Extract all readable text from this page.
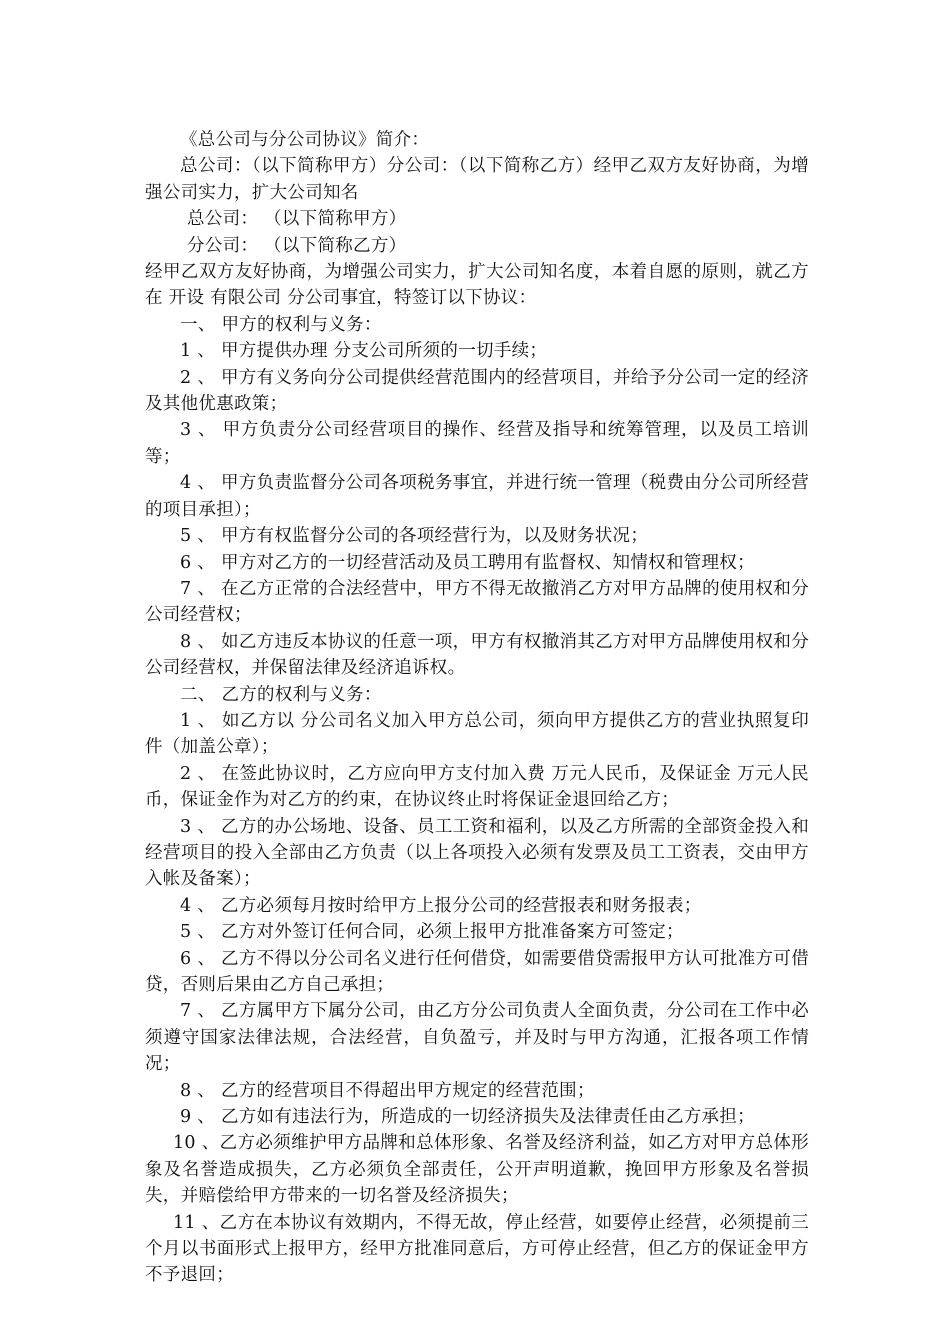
《总公司与分公司协议》简介：

总公司：（以下简称甲方）分公司：（以下简称乙方）经甲乙双方友好协商，为增强公司实力，扩大公司知名

总公司： （以下简称甲方）

分公司： （以下简称乙方）

经甲乙双方友好协商，为增强公司实力，扩大公司知名度，本着自愿的原则，就乙方在 开设 有限公司 分公司事宜，特签订以下协议：

一、 甲方的权利与义务：

1 、 甲方提供办理 分支公司所须的一切手续；

2 、 甲方有义务向分公司提供经营范围内的经营项目，并给予分公司一定的经济及其他优惠政策；

3 、 甲方负责分公司经营项目的操作、经营及指导和统筹管理，以及员工培训等；

4 、 甲方负责监督分公司各项税务事宜，并进行统一管理（税费由分公司所经营的项目承担）；

5 、 甲方有权监督分公司的各项经营行为，以及财务状况；

6 、 甲方对乙方的一切经营活动及员工聘用有监督权、知情权和管理权；

7 、 在乙方正常的合法经营中，甲方不得无故撤消乙方对甲方品牌的使用权和分公司经营权；

8 、 如乙方违反本协议的任意一项，甲方有权撤消其乙方对甲方品牌使用权和分公司经营权，并保留法律及经济追诉权。

二、 乙方的权利与义务：

1 、 如乙方以 分公司名义加入甲方总公司，须向甲方提供乙方的营业执照复印件（加盖公章）；

2 、 在签此协议时，乙方应向甲方支付加入费 万元人民币，及保证金 万元人民币，保证金作为对乙方的约束，在协议终止时将保证金退回给乙方；

3 、 乙方的办公场地、设备、员工工资和福利，以及乙方所需的全部资金投入和经营项目的投入全部由乙方负责（以上各项投入必须有发票及员工工资表，交由甲方入帐及备案）；

4 、 乙方必须每月按时给甲方上报分公司的经营报表和财务报表；

5 、 乙方对外签订任何合同，必须上报甲方批准备案方可签定；

6 、 乙方不得以分公司名义进行任何借贷，如需要借贷需报甲方认可批准方可借贷，否则后果由乙方自己承担；

7 、 乙方属甲方下属分公司，由乙方分公司负责人全面负责，分公司在工作中必须遵守国家法律法规，合法经营，自负盈亏，并及时与甲方沟通，汇报各项工作情况；

8 、 乙方的经营项目不得超出甲方规定的经营范围；

9 、 乙方如有违法行为，所造成的一切经济损失及法律责任由乙方承担；

10 、乙方必须维护甲方品牌和总体形象、名誉及经济利益，如乙方对甲方总体形象及名誉造成损失，乙方必须负全部责任，公开声明道歉，挽回甲方形象及名誉损失，并赔偿给甲方带来的一切名誉及经济损失；

11 、乙方在本协议有效期内，不得无故，停止经营，如要停止经营，必须提前三个月以书面形式上报甲方，经甲方批准同意后，方可停止经营，但乙方的保证金甲方不予退回；
